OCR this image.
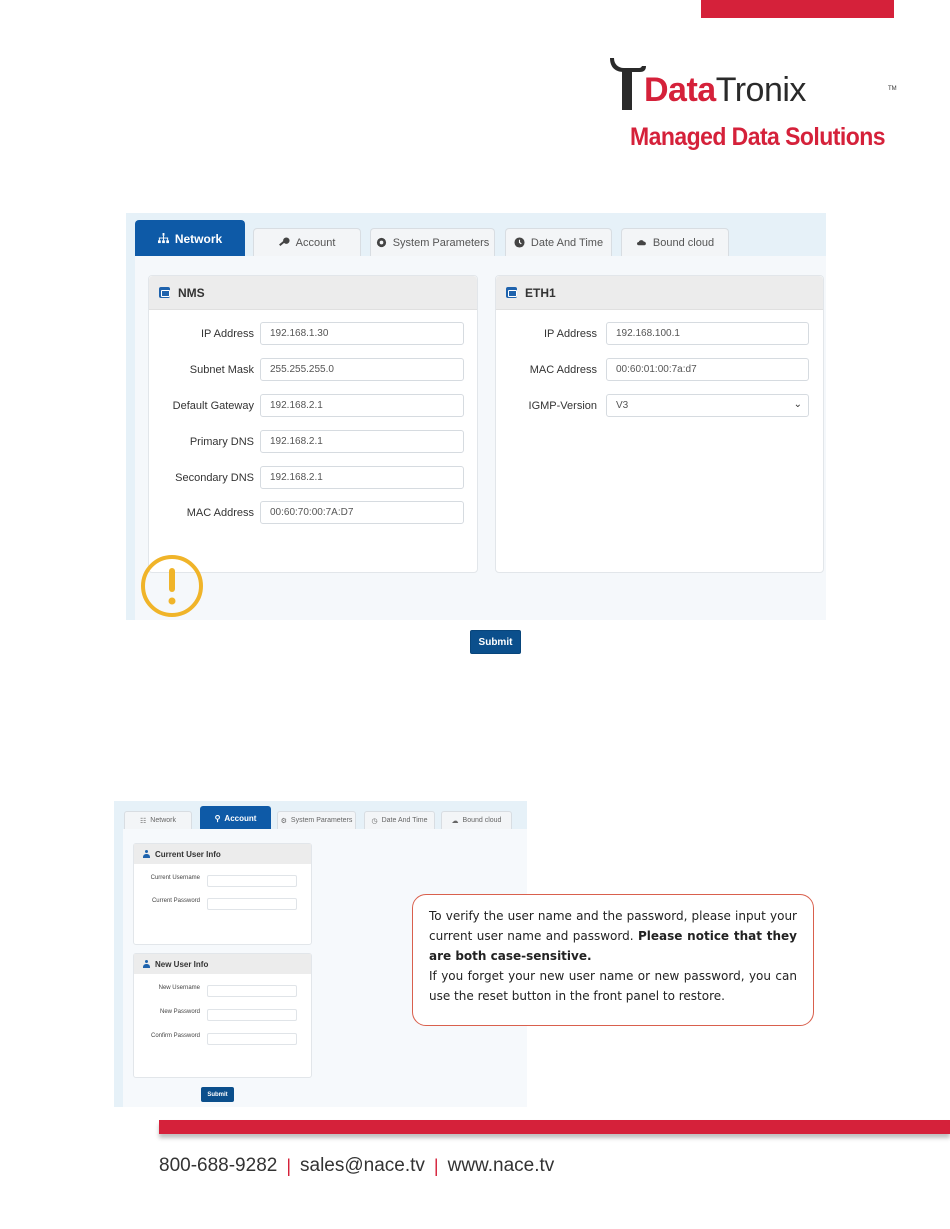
DataTronix	TM
Managed Data Solutions
Network	Account	System Parameters	Date And Time	Bound cloud
NMS
IP Address	192.168.1.30
Subnet Mask	255.255.255.0
Default Gateway	192.168.2.1
Primary DNS	192.168.2.1
Secondary DNS	192.168.2.1
MAC Address	00:60:70:00:7A:D7
ETH1
IP Address	192.168.100.1
MAC Address	00:60:01:00:7a:d7
IGMP-Version V3	⌄
Submit
☷ Network	⚲ Account	⚙ System Parameters	◷ Date And Time	☁ Bound cloud
Current User Info
Current Username
Current Password
New User Info
New Username
New Password
Confirm Password
Submit

To verify the user name and the password, please input your current user name and password. Please notice that they are both case-sensitive.

If you forget your new user name or new password, you can use the reset button in the front panel to restore.

800-688-9282 | sales@nace.tv | www.nace.tv
